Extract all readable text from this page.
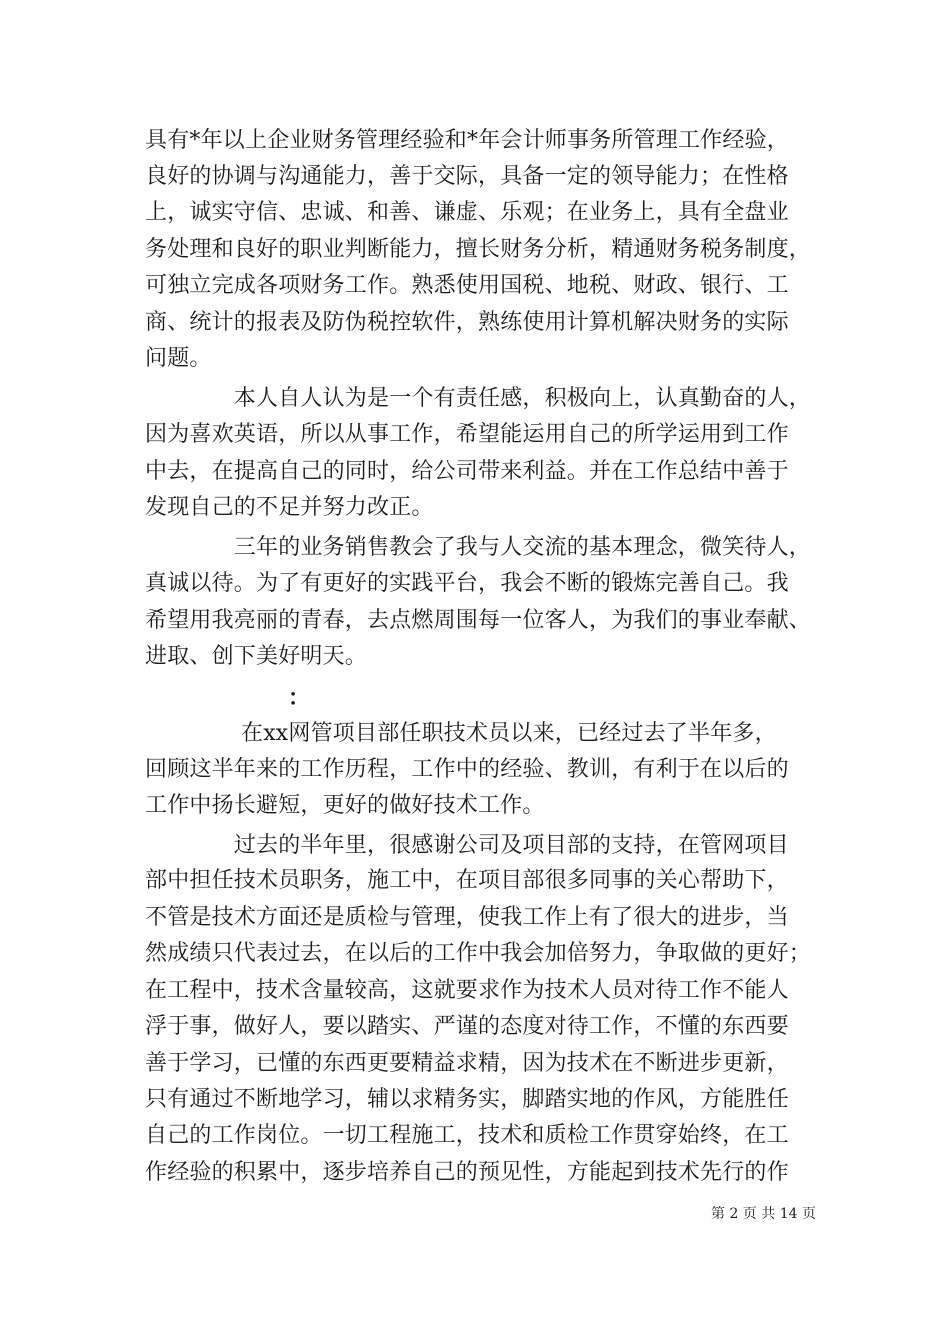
具有*年以上企业财务管理经验和*年会计师事务所管理工作经验，
良好的协调与沟通能力，善于交际，具备一定的领导能力；在性格
上，诚实守信、忠诚、和善、谦虚、乐观；在业务上，具有全盘业
务处理和良好的职业判断能力，擅长财务分析，精通财务税务制度，
可独立完成各项财务工作。熟悉使用国税、地税、财政、银行、工
商、统计的报表及防伪税控软件，熟练使用计算机解决财务的实际
问题。
　　　　本人自人认为是一个有责任感，积极向上，认真勤奋的人，
因为喜欢英语，所以从事工作，希望能运用自己的所学运用到工作
中去，在提高自己的同时，给公司带来利益。并在工作总结中善于
发现自己的不足并努力改正。
　　　　三年的业务销售教会了我与人交流的基本理念，微笑待人，
真诚以待。为了有更好的实践平台，我会不断的锻炼完善自己。我
希望用我亮丽的青春，去点燃周围每一位客人，为我们的事业奉献、
进取、创下美好明天。
：
　　　　 在xx网管项目部任职技术员以来，已经过去了半年多，
回顾这半年来的工作历程，工作中的经验、教训，有利于在以后的
工作中扬长避短，更好的做好技术工作。
　　　　过去的半年里，很感谢公司及项目部的支持，在管网项目
部中担任技术员职务，施工中，在项目部很多同事的关心帮助下，
不管是技术方面还是质检与管理，使我工作上有了很大的进步，当
然成绩只代表过去，在以后的工作中我会加倍努力，争取做的更好；
在工程中，技术含量较高，这就要求作为技术人员对待工作不能人
浮于事，做好人，要以踏实、严谨的态度对待工作，不懂的东西要
善于学习，已懂的东西更要精益求精，因为技术在不断进步更新，
只有通过不断地学习，辅以求精务实，脚踏实地的作风，方能胜任
自己的工作岗位。一切工程施工，技术和质检工作贯穿始终，在工
作经验的积累中，逐步培养自己的预见性，方能起到技术先行的作
第 2 页 共 14 页
